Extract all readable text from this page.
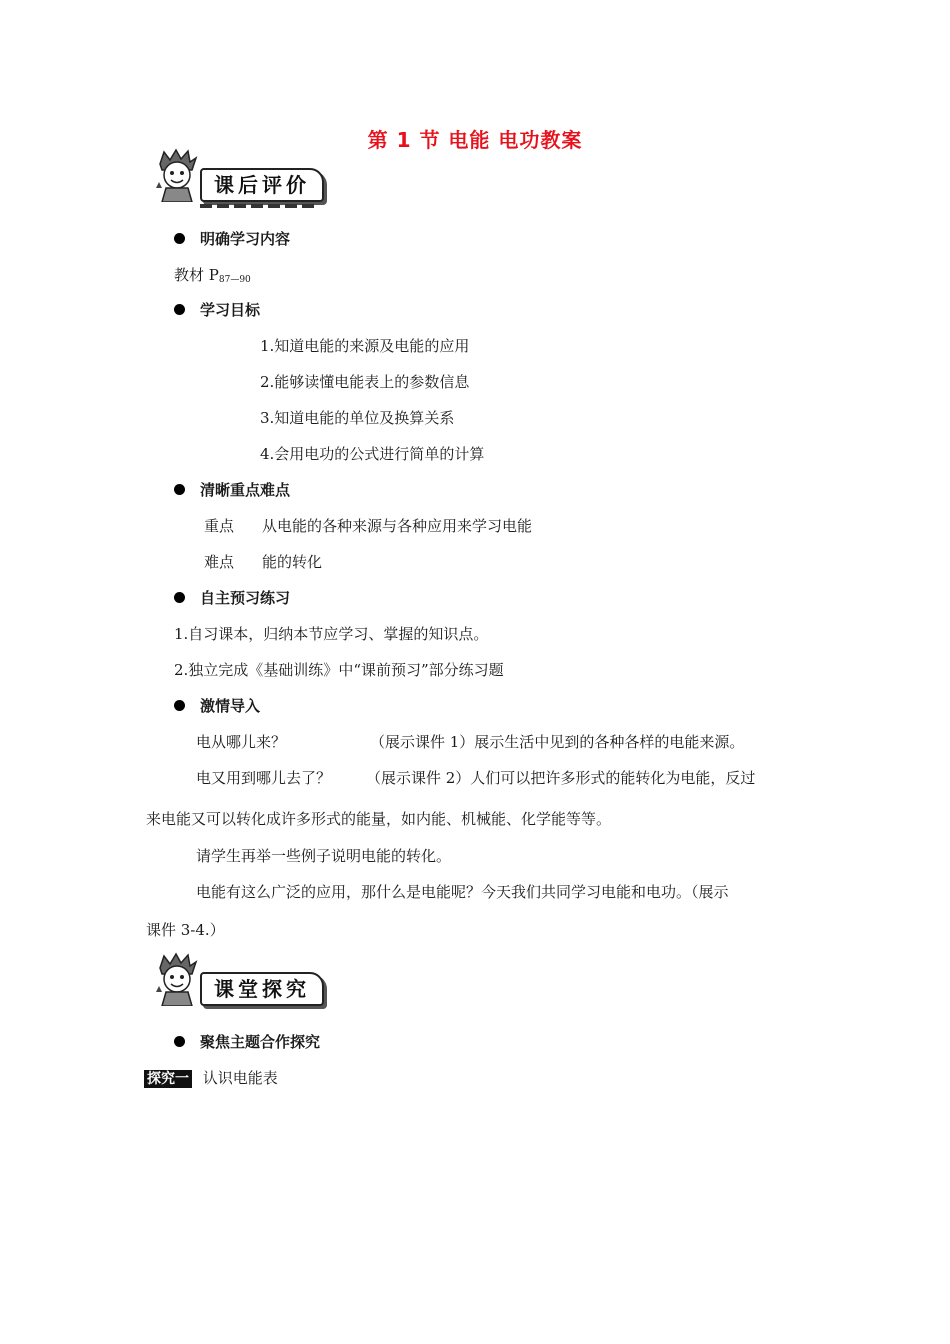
第 1 节 电能 电功教案
课后评价
明确学习内容
教材 $P_{87—90}$
学习目标
1.知道电能的来源及电能的应用
2.能够读懂电能表上的参数信息
3.知道电能的单位及换算关系
4.会用电功的公式进行简单的计算
清晰重点难点
重点 从电能的各种来源与各种应用来学习电能
难点 能的转化
自主预习练习
1.自习课本，归纳本节应学习、掌握的知识点。
2.独立完成《基础训练》中“课前预习”部分练习题
激情导入
电从哪儿来？	（展示课件 1）展示生活中见到的各种各样的电能来源。
电又用到哪儿去了？ （展示课件 2）人们可以把许多形式的能转化为电能，反过
来电能又可以转化成许多形式的能量，如内能、机械能、化学能等等。
请学生再举一些例子说明电能的转化。
电能有这么广泛的应用，那什么是电能呢？今天我们共同学习电能和电功。（展示
课件 3-4.）
课堂探究
聚焦主题合作探究
探究一 认识电能表
